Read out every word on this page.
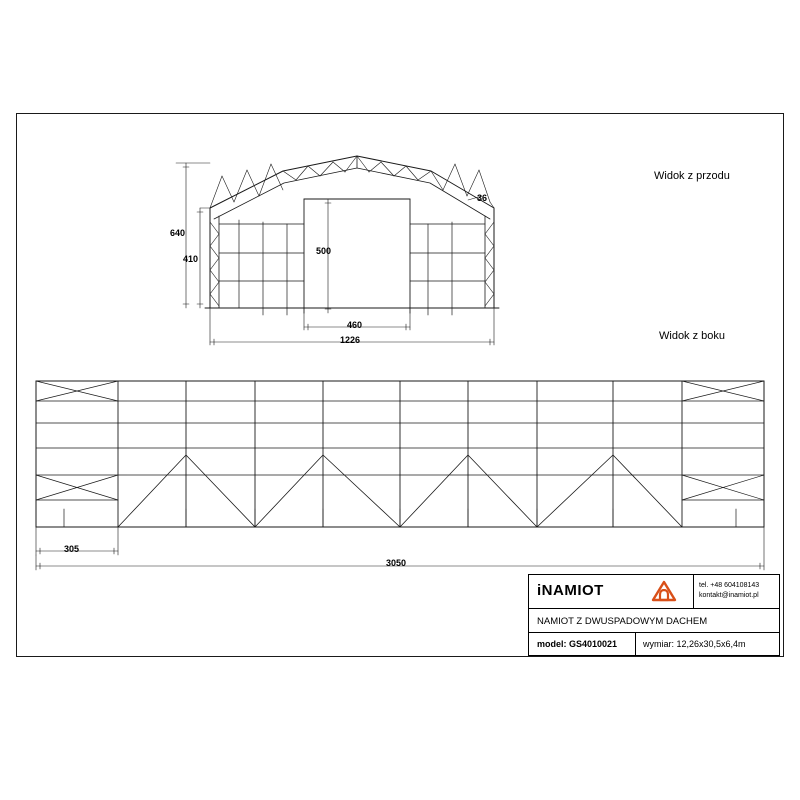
Widok z przodu
Widok z boku
640
410
36
500
460
1226
305
3050
iNAMIOT	tel. +48 604108143
kontakt@inamiot.pl
NAMIOT Z DWUSPADOWYM DACHEM
model: GS4010021	wymiar: 12,26x30,5x6,4m
